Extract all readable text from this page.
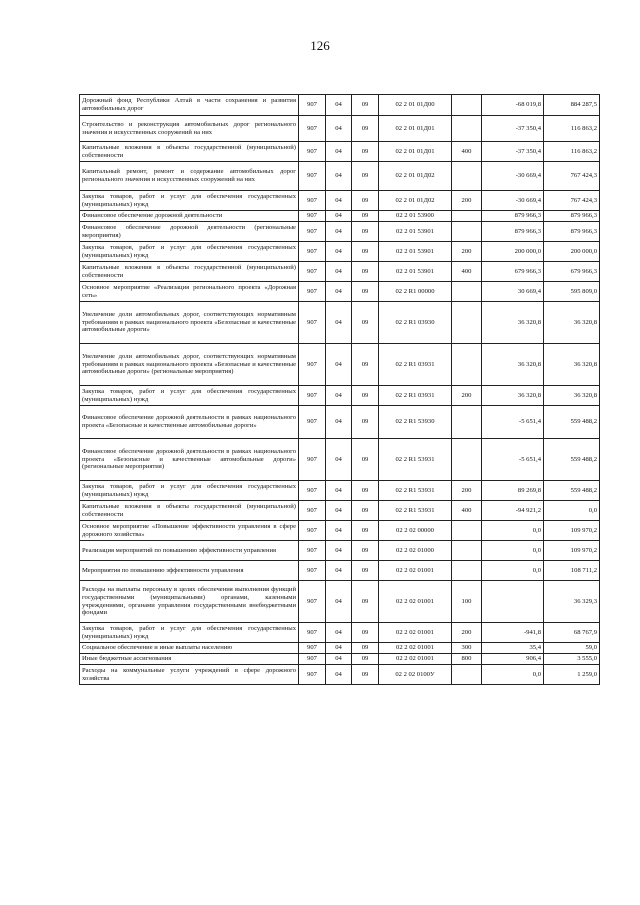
126
Дорожный фонд Республики Алтай в части сохранения и развития автомобильных дорог	907	04	09	02 2 01 01Д00		-68 019,8	884 287,5
Строительство и реконструкция автомобильных дорог регионального значения и искусственных сооружений на них	907	04	09	02 2 01 01Д01		-37 350,4	116 863,2
Капитальные вложения в объекты государственной (муниципальной) собственности	907	04	09	02 2 01 01Д01	400	-37 350,4	116 863,2
Капитальный ремонт, ремонт и содержание автомобильных дорог регионального значения и искусственных сооружений на них	907	04	09	02 2 01 01Д02		-30 669,4	767 424,3
Закупка товаров, работ и услуг для обеспечения государственных (муниципальных) нужд	907	04	09	02 2 01 01Д02	200	-30 669,4	767 424,3
Финансовое обеспечение дорожной деятельности	907	04	09	02 2 01 53900		879 966,3	879 966,3
Финансовое обеспечение дорожной деятельности (региональные мероприятия)	907	04	09	02 2 01 53901		879 966,3	879 966,3
Закупка товаров, работ и услуг для обеспечения государственных (муниципальных) нужд	907	04	09	02 2 01 53901	200	200 000,0	200 000,0
Капитальные вложения в объекты государственной (муниципальной) собственности	907	04	09	02 2 01 53901	400	679 966,3	679 966,3
Основное мероприятие «Реализация регионального проекта «Дорожная сеть»	907	04	09	02 2 R1 00000		30 669,4	595 809,0
Увеличение доли автомобильных дорог, соответствующих нормативным требованиям в рамках национального проекта «Безопасные и качественные автомобильные дороги»	907	04	09	02 2 R1 03930		36 320,8	36 320,8
Увеличение доли автомобильных дорог, соответствующих нормативным требованиям в рамках национального проекта «Безопасные и качественные автомобильные дороги» (региональные мероприятия)	907	04	09	02 2 R1 03931		36 320,8	36 320,8
Закупка товаров, работ и услуг для обеспечения государственных (муниципальных) нужд	907	04	09	02 2 R1 03931	200	36 320,8	36 320,8
Финансовое обеспечение дорожной деятельности в рамках национального проекта «Безопасные и качественные автомобильные дороги»	907	04	09	02 2 R1 53930		-5 651,4	559 488,2
Финансовое обеспечение дорожной деятельности в рамках национального проекта «Безопасные и качественные автомобильные дороги» (региональные мероприятия)	907	04	09	02 2 R1 53931		-5 651,4	559 488,2
Закупка товаров, работ и услуг для обеспечения государственных (муниципальных) нужд	907	04	09	02 2 R1 53931	200	89 269,8	559 488,2
Капитальные вложения в объекты государственной (муниципальной) собственности	907	04	09	02 2 R1 53931	400	-94 921,2	0,0
Основное мероприятие «Повышение эффективности управления в сфере дорожного хозяйства»	907	04	09	02 2 02 00000		0,0	109 970,2
Реализация мероприятий по повышению эффективности управления	907	04	09	02 2 02 01000		0,0	109 970,2
Мероприятия по повышению эффективности управления	907	04	09	02 2 02 01001		0,0	108 711,2
Расходы на выплаты персоналу в целях обеспечения выполнения функций государственными (муниципальными) органами, казенными учреждениями, органами управления государственными внебюджетными фондами	907	04	09	02 2 02 01001	100		36 329,3
Закупка товаров, работ и услуг для обеспечения государственных (муниципальных) нужд	907	04	09	02 2 02 01001	200	-941,8	68 767,9
Социальное обеспечение и иные выплаты населению	907	04	09	02 2 02 01001	300	35,4	59,0
Иные бюджетные ассигнования	907	04	09	02 2 02 01001	800	906,4	3 555,0
Расходы на коммунальные услуги учреждений в сфере дорожного хозяйства	907	04	09	02 2 02 0100У		0,0	1 259,0
